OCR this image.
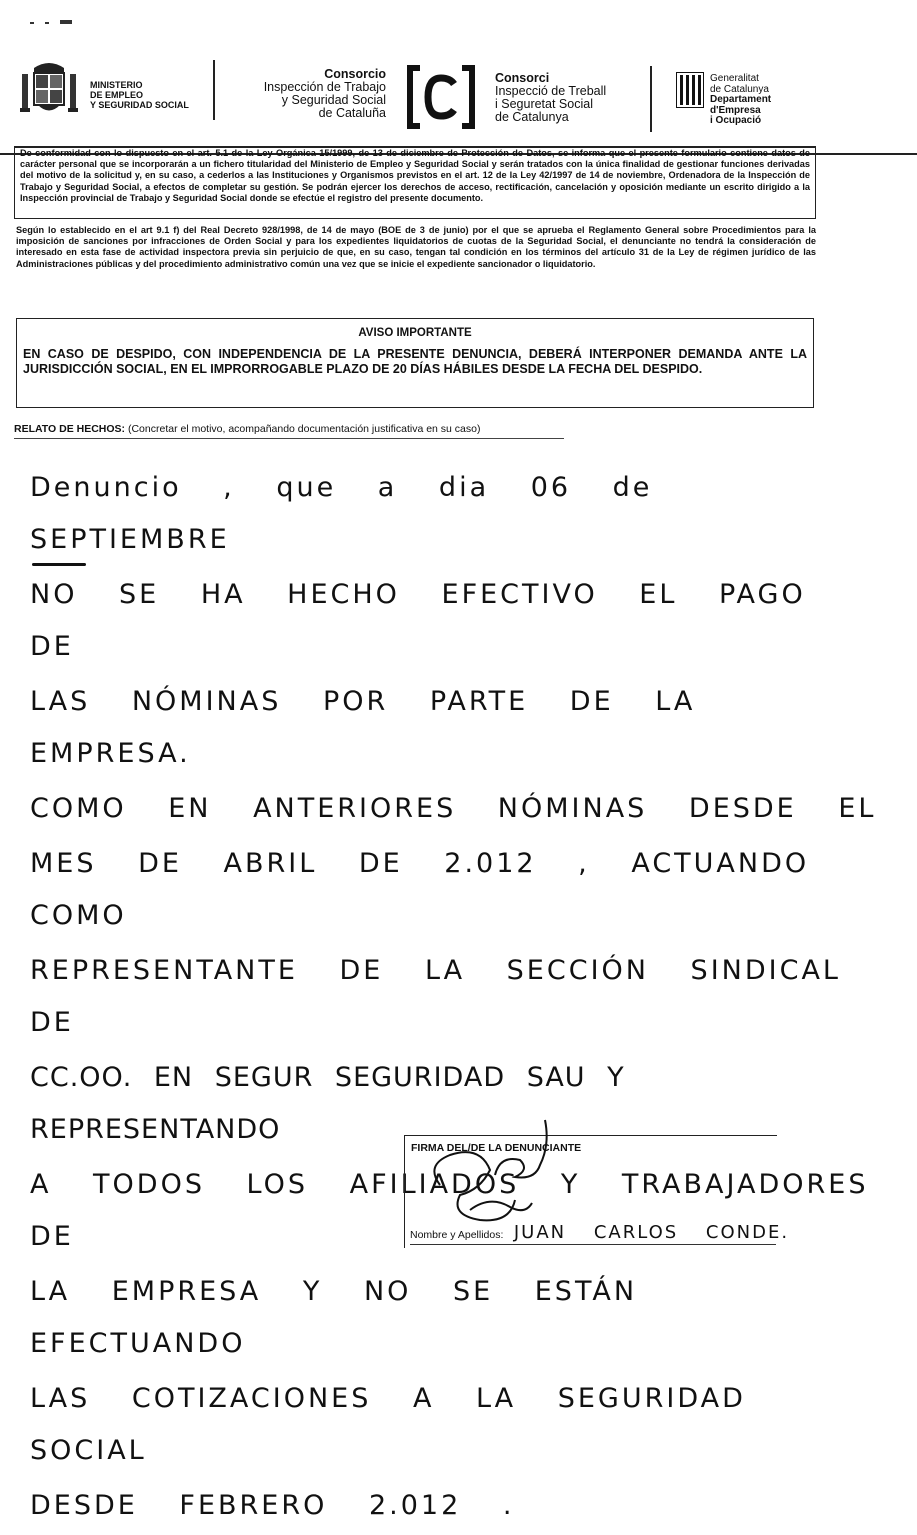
MINISTERIO
DE EMPLEO
Y SEGURIDAD SOCIAL
Consorcio
Inspección de Trabajo
y Seguridad Social
de Cataluña
Consorci
Inspecció de Treball
i Seguretat Social
de Catalunya
Generalitat
de Catalunya
Departament
d'Empresa
i Ocupació

De conformidad con lo dispuesto en el art. 5.1 de la Ley Orgánica 15/1999, de 13 de diciembre de Protección de Datos, se informa que el presente formulario contiene datos de carácter personal que se incorporarán a un fichero titularidad del Ministerio de Empleo y Seguridad Social y serán tratados con la única finalidad de gestionar funciones derivadas del motivo de la solicitud y, en su caso, a cederlos a las Instituciones y Organismos previstos en el art. 12 de la Ley 42/1997 de 14 de noviembre, Ordenadora de la Inspección de Trabajo y Seguridad Social, a efectos de completar su gestión. Se podrán ejercer los derechos de acceso, rectificación, cancelación y oposición mediante un escrito dirigido a la Inspección provincial de Trabajo y Seguridad Social donde se efectúe el registro del presente documento.

Según lo establecido en el art 9.1 f) del Real Decreto 928/1998, de 14 de mayo (BOE de 3 de junio) por el que se aprueba el Reglamento General sobre Procedimientos para la imposición de sanciones por infracciones de Orden Social y para los expedientes liquidatorios de cuotas de la Seguridad Social, el denunciante no tendrá la consideración de interesado en esta fase de actividad inspectora previa sin perjuicio de que, en su caso, tengan tal condición en los términos del artículo 31 de la Ley de régimen jurídico de las Administraciones públicas y del procedimiento administrativo común una vez que se inicie el expediente sancionador o liquidatorio.

AVISO IMPORTANTE
EN CASO DE DESPIDO, CON INDEPENDENCIA DE LA PRESENTE DENUNCIA, DEBERÁ INTERPONER DEMANDA ANTE LA JURISDICCIÓN SOCIAL, EN EL IMPRORROGABLE PLAZO DE 20 DÍAS HÁBILES DESDE LA FECHA DEL DESPIDO.
RELATO DE HECHOS: (Concretar el motivo, acompañando documentación justificativa en su caso)
Denuncio , que a dia 06 de SEPTIEMBRE
NO SE HA HECHO EFECTIVO EL PAGO DE
LAS NÓMINAS POR PARTE DE LA EMPRESA.
COMO EN ANTERIORES NÓMINAS DESDE EL
MES DE ABRIL DE 2.012 , ACTUANDO COMO
REPRESENTANTE DE LA SECCIÓN SINDICAL DE
CC.OO. EN SEGUR SEGURIDAD SAU Y REPRESENTANDO
A TODOS LOS AFILIADOS Y TRABAJADORES DE
LA EMPRESA Y NO SE ESTÁN EFECTUANDO
LAS COTIZACIONES A LA SEGURIDAD SOCIAL
DESDE FEBRERO 2.012 .
FIRMA DEL/DE LA DENUNCIANTE
Nombre y Apellidos: JUAN CARLOS CONDE.
